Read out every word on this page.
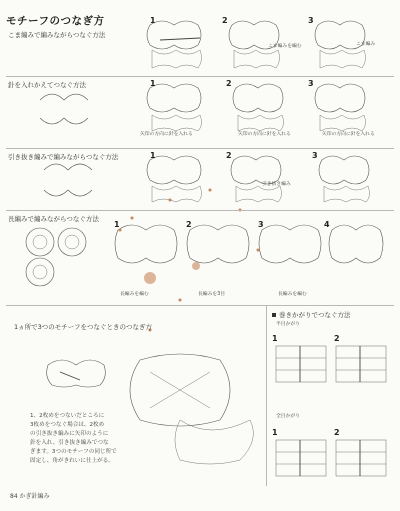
モチーフのつなぎ方
こま編みで編みながらつなぐ方法
1	2	3
こま編みを編む	こま編み
針を入れかえてつなぐ方法	1	2	3
矢印の方向に針を入れる	矢印の方向に針を入れる	矢印の方向に針を入れる
引き抜き編みで編みながらつなぐ方法	1	2	3
引き抜き編み
長編みで編みながらつなぐ方法
1	2	3	4
長編みを編む	長編みを3目	長編みを編む
1ヵ所で3つのモチーフをつなぐときのつなぎ方
1、2枚めをつないだところに
3枚めをつなぐ場合は、2枚め
の引き抜き編みに矢印のように
針を入れ、引き抜き編みでつな
ぎます。3つのモチーフの同じ所で
固定し、角がきれいに仕上がる。
巻きかがりでつなぐ方法
半目かがり
1	2
全目かがり
1	2
84 かぎ針編み
